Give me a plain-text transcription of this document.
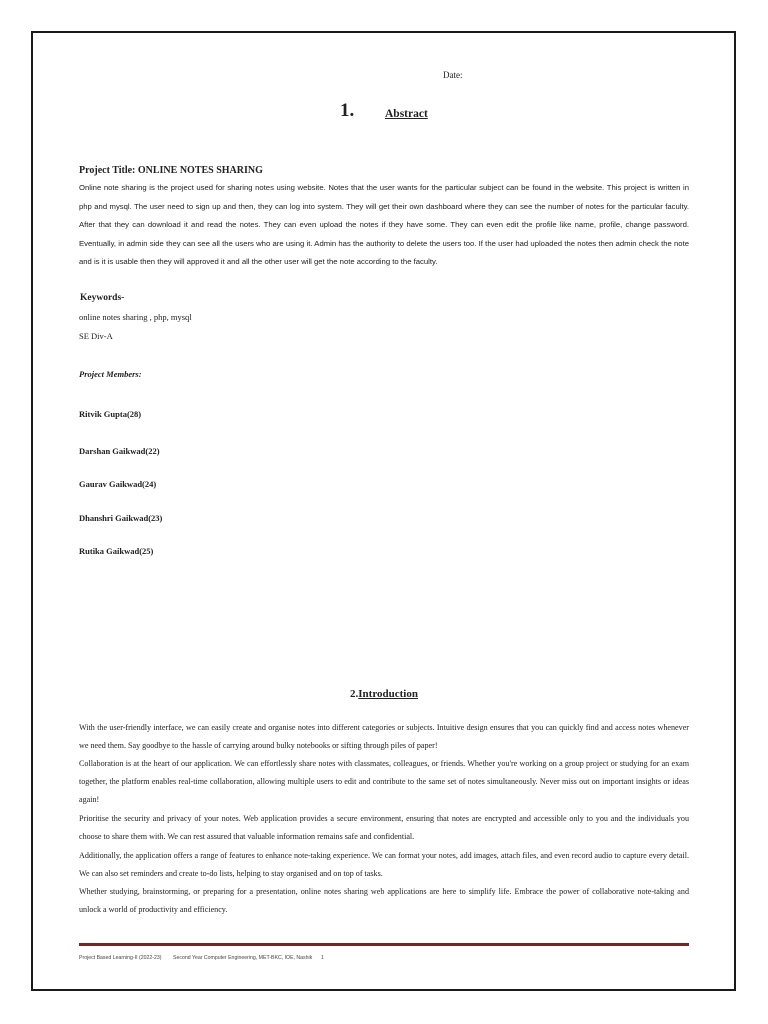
Date:
1.	Abstract
Project Title: ONLINE NOTES SHARING
Online note sharing is the project used for sharing notes using website. Notes that the user wants for the particular subject can be found in the website. This project is written in php and mysql. The user need to sign up and then, they can log into system. They will get their own dashboard where they can see the number of notes for the particular faculty. After that they can download it and read the notes. They can even upload the notes if they have some. They can even edit the profile like name, profile, change password. Eventually, in admin side they can see all the users who are using it. Admin has the authority to delete the users too. If the user had uploaded the notes then admin check the note and is it is usable then they will approved it and all the other user will get the note according to the faculty.
Keywords-
online notes sharing , php, mysql
SE Div-A
Project Members:
Ritvik Gupta(28)
Darshan Gaikwad(22)
Gaurav Gaikwad(24)
Dhanshri Gaikwad(23)
Rutika Gaikwad(25)
2.Introduction
With the user-friendly interface, we can easily create and organise notes into different categories or subjects. Intuitive design ensures that you can quickly find and access notes whenever we need them. Say goodbye to the hassle of carrying around bulky notebooks or sifting through piles of paper!
Collaboration is at the heart of our application. We can effortlessly share notes with classmates, colleagues, or friends. Whether you're working on a group project or studying for an exam together, the platform enables real-time collaboration, allowing multiple users to edit and contribute to the same set of notes simultaneously. Never miss out on important insights or ideas again!
Prioritise the security and privacy of your notes. Web application provides a secure environment, ensuring that notes are encrypted and accessible only to you and the individuals you choose to share them with. We can rest assured that valuable information remains safe and confidential.
Additionally, the application offers a range of features to enhance note-taking experience. We can format your notes, add images, attach files, and even record audio to capture every detail. We can also set reminders and create to-do lists, helping to stay organised and on top of tasks.
Whether studying, brainstorming, or preparing for a presentation, online notes sharing web applications are here to simplify life. Embrace the power of collaborative note-taking and unlock a world of productivity and efficiency.
Project Based Learning-II (2022-23) Second Year Computer Engineering, MET-BKC, IOE, Nashik 1
